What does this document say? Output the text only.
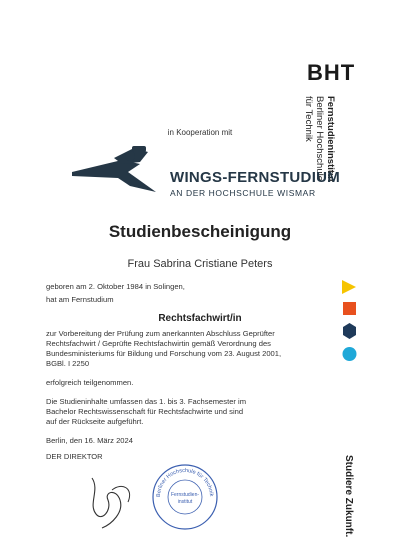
BHT
Fernstudieninstitut
Berliner Hochschule
für Technik
in Kooperation mit
WINGS-FERNSTUDIUM
AN DER HOCHSCHULE WISMAR
Studienbescheinigung
Frau Sabrina Cristiane Peters
geboren am 2. Oktober 1984 in Solingen,
hat am Fernstudium
Rechtsfachwirt/in
zur Vorbereitung der Prüfung zum anerkannten Abschluss Geprüfter
Rechtsfachwirt / Geprüfte Rechtsfachwirtin gemäß Verordnung des
Bundesministeriums für Bildung und Forschung vom 23. August 2001,
BGBl. I 2250
erfolgreich teilgenommen.
Die Studieninhalte umfassen das 1. bis 3. Fachsemester im
Bachelor Rechtswissenschaft für Rechtsfachwirte und sind
auf der Rückseite aufgeführt.
Berlin, den 16. März 2024
DER DIREKTOR	Studiere Zukunft.
Berliner Hochschule für Technik
Fernstudien-
institut
